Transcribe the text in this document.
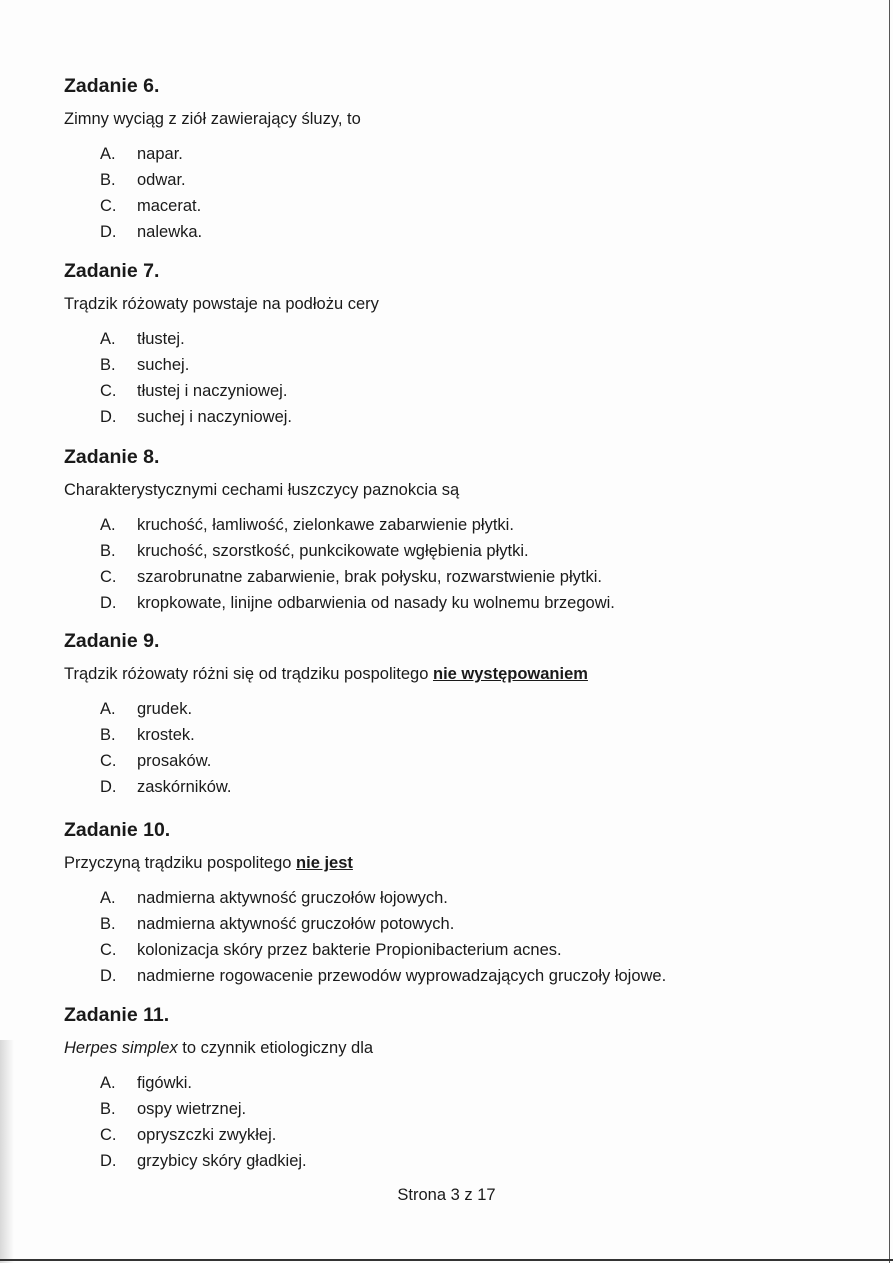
Zadanie 6.
Zimny wyciąg z ziół zawierający śluzy, to
A.	napar.
B.	odwar.
C.	macerat.
D.	nalewka.
Zadanie 7.
Trądzik różowaty powstaje na podłożu cery
A.	tłustej.
B.	suchej.
C.	tłustej i naczyniowej.
D.	suchej i naczyniowej.
Zadanie 8.
Charakterystycznymi cechami łuszczycy paznokcia są
A.	kruchość, łamliwość, zielonkawe zabarwienie płytki.
B.	kruchość, szorstkość, punkcikowate wgłębienia płytki.
C.	szarobrunatne zabarwienie, brak połysku, rozwarstwienie płytki.
D.	kropkowate, linijne odbarwienia od nasady ku wolnemu brzegowi.
Zadanie 9.
Trądzik różowaty różni się od trądziku pospolitego nie występowaniem
A.	grudek.
B.	krostek.
C.	prosaków.
D.	zaskórników.
Zadanie 10.
Przyczyną trądziku pospolitego nie jest
A.	nadmierna aktywność gruczołów łojowych.
B.	nadmierna aktywność gruczołów potowych.
C.	kolonizacja skóry przez bakterie Propionibacterium acnes.
D.	nadmierne rogowacenie przewodów wyprowadzających gruczoły łojowe.
Zadanie 11.
Herpes simplex to czynnik etiologiczny dla
A.	figówki.
B.	ospy wietrznej.
C.	opryszczki zwykłej.
D.	grzybicy skóry gładkiej.
Strona 3 z 17
